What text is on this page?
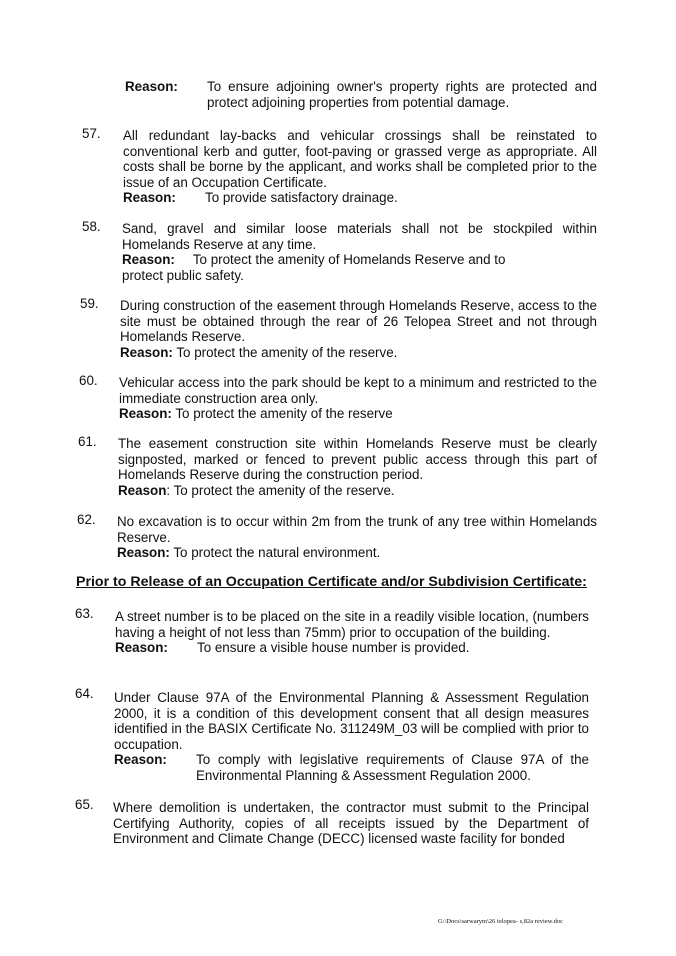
Reason:	To ensure adjoining owner's property rights are protected and protect adjoining properties from potential damage.
57. All redundant lay-backs and vehicular crossings shall be reinstated to conventional kerb and gutter, foot-paving or grassed verge as appropriate. All costs shall be borne by the applicant, and works shall be completed prior to the issue of an Occupation Certificate.
Reason:	To provide satisfactory drainage.
58. Sand, gravel and similar loose materials shall not be stockpiled within Homelands Reserve at any time.
Reason: To protect the amenity of Homelands Reserve and to protect public safety.
59. During construction of the easement through Homelands Reserve, access to the site must be obtained through the rear of 26 Telopea Street and not through Homelands Reserve.
Reason: To protect the amenity of the reserve.
60. Vehicular access into the park should be kept to a minimum and restricted to the immediate construction area only.
Reason: To protect the amenity of the reserve
61. The easement construction site within Homelands Reserve must be clearly signposted, marked or fenced to prevent public access through this part of Homelands Reserve during the construction period.
Reason: To protect the amenity of the reserve.
62. No excavation is to occur within 2m from the trunk of any tree within Homelands Reserve.
Reason: To protect the natural environment.
Prior to Release of an Occupation Certificate and/or Subdivision Certificate:
63. A street number is to be placed on the site in a readily visible location, (numbers having a height of not less than 75mm) prior to occupation of the building.
Reason:	To ensure a visible house number is provided.
64. Under Clause 97A of the Environmental Planning & Assessment Regulation 2000, it is a condition of this development consent that all design measures identified in the BASIX Certificate No. 311249M_03 will be complied with prior to occupation.
Reason:	To comply with legislative requirements of Clause 97A of the Environmental Planning & Assessment Regulation 2000.
65. Where demolition is undertaken, the contractor must submit to the Principal Certifying Authority, copies of all receipts issued by the Department of Environment and Climate Change (DECC) licensed waste facility for bonded
G:\Docs\sarwarym\26 telopea- s,82a review.doc
